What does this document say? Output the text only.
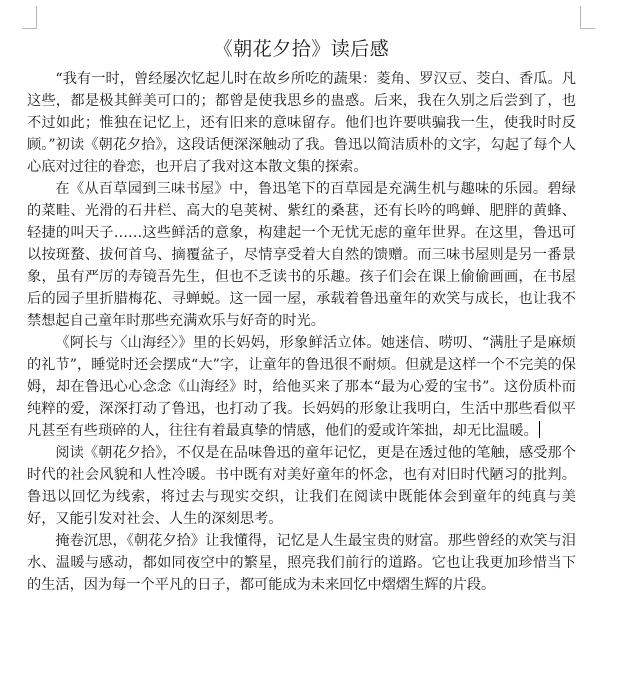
《朝花夕拾》读后感

“我有一时，曾经屡次忆起儿时在故乡所吃的蔬果：菱角、罗汉豆、茭白、香瓜。凡这些，都是极其鲜美可口的；都曾是使我思乡的蛊惑。后来，我在久别之后尝到了，也不过如此；惟独在记忆上，还有旧来的意味留存。他们也许要哄骗我一生，使我时时反顾。”初读《朝花夕拾》，这段话便深深触动了我。鲁迅以简洁质朴的文字，勾起了每个人心底对过往的眷恋，也开启了我对这本散文集的探索。

在《从百草园到三味书屋》中，鲁迅笔下的百草园是充满生机与趣味的乐园。碧绿的菜畦、光滑的石井栏、高大的皂荚树、紫红的桑葚，还有长吟的鸣蝉、肥胖的黄蜂、轻捷的叫天子……这些鲜活的意象，构建起一个无忧无虑的童年世界。在这里，鲁迅可以按斑蝥、拔何首乌、摘覆盆子，尽情享受着大自然的馈赠。而三味书屋则是另一番景象，虽有严厉的寿镜吾先生，但也不乏读书的乐趣。孩子们会在课上偷偷画画，在书屋后的园子里折腊梅花、寻蝉蜕。这一园一屋，承载着鲁迅童年的欢笑与成长，也让我不禁想起自己童年时那些充满欢乐与好奇的时光。

《阿长与〈山海经〉》里的长妈妈，形象鲜活立体。她迷信、唠叨、“满肚子是麻烦的礼节”，睡觉时还会摆成“大”字，让童年的鲁迅很不耐烦。但就是这样一个不完美的保姆，却在鲁迅心心念念《山海经》时，给他买来了那本“最为心爱的宝书”。这份质朴而纯粹的爱，深深打动了鲁迅，也打动了我。长妈妈的形象让我明白，生活中那些看似平凡甚至有些琐碎的人，往往有着最真挚的情感，他们的爱或许笨拙，却无比温暖。

阅读《朝花夕拾》，不仅是在品味鲁迅的童年记忆，更是在透过他的笔触，感受那个时代的社会风貌和人性冷暖。书中既有对美好童年的怀念，也有对旧时代陋习的批判。鲁迅以回忆为线索，将过去与现实交织，让我们在阅读中既能体会到童年的纯真与美好，又能引发对社会、人生的深刻思考。

掩卷沉思，《朝花夕拾》让我懂得，记忆是人生最宝贵的财富。那些曾经的欢笑与泪水、温暖与感动，都如同夜空中的繁星，照亮我们前行的道路。它也让我更加珍惜当下的生活，因为每一个平凡的日子，都可能成为未来回忆中熠熠生辉的片段。
